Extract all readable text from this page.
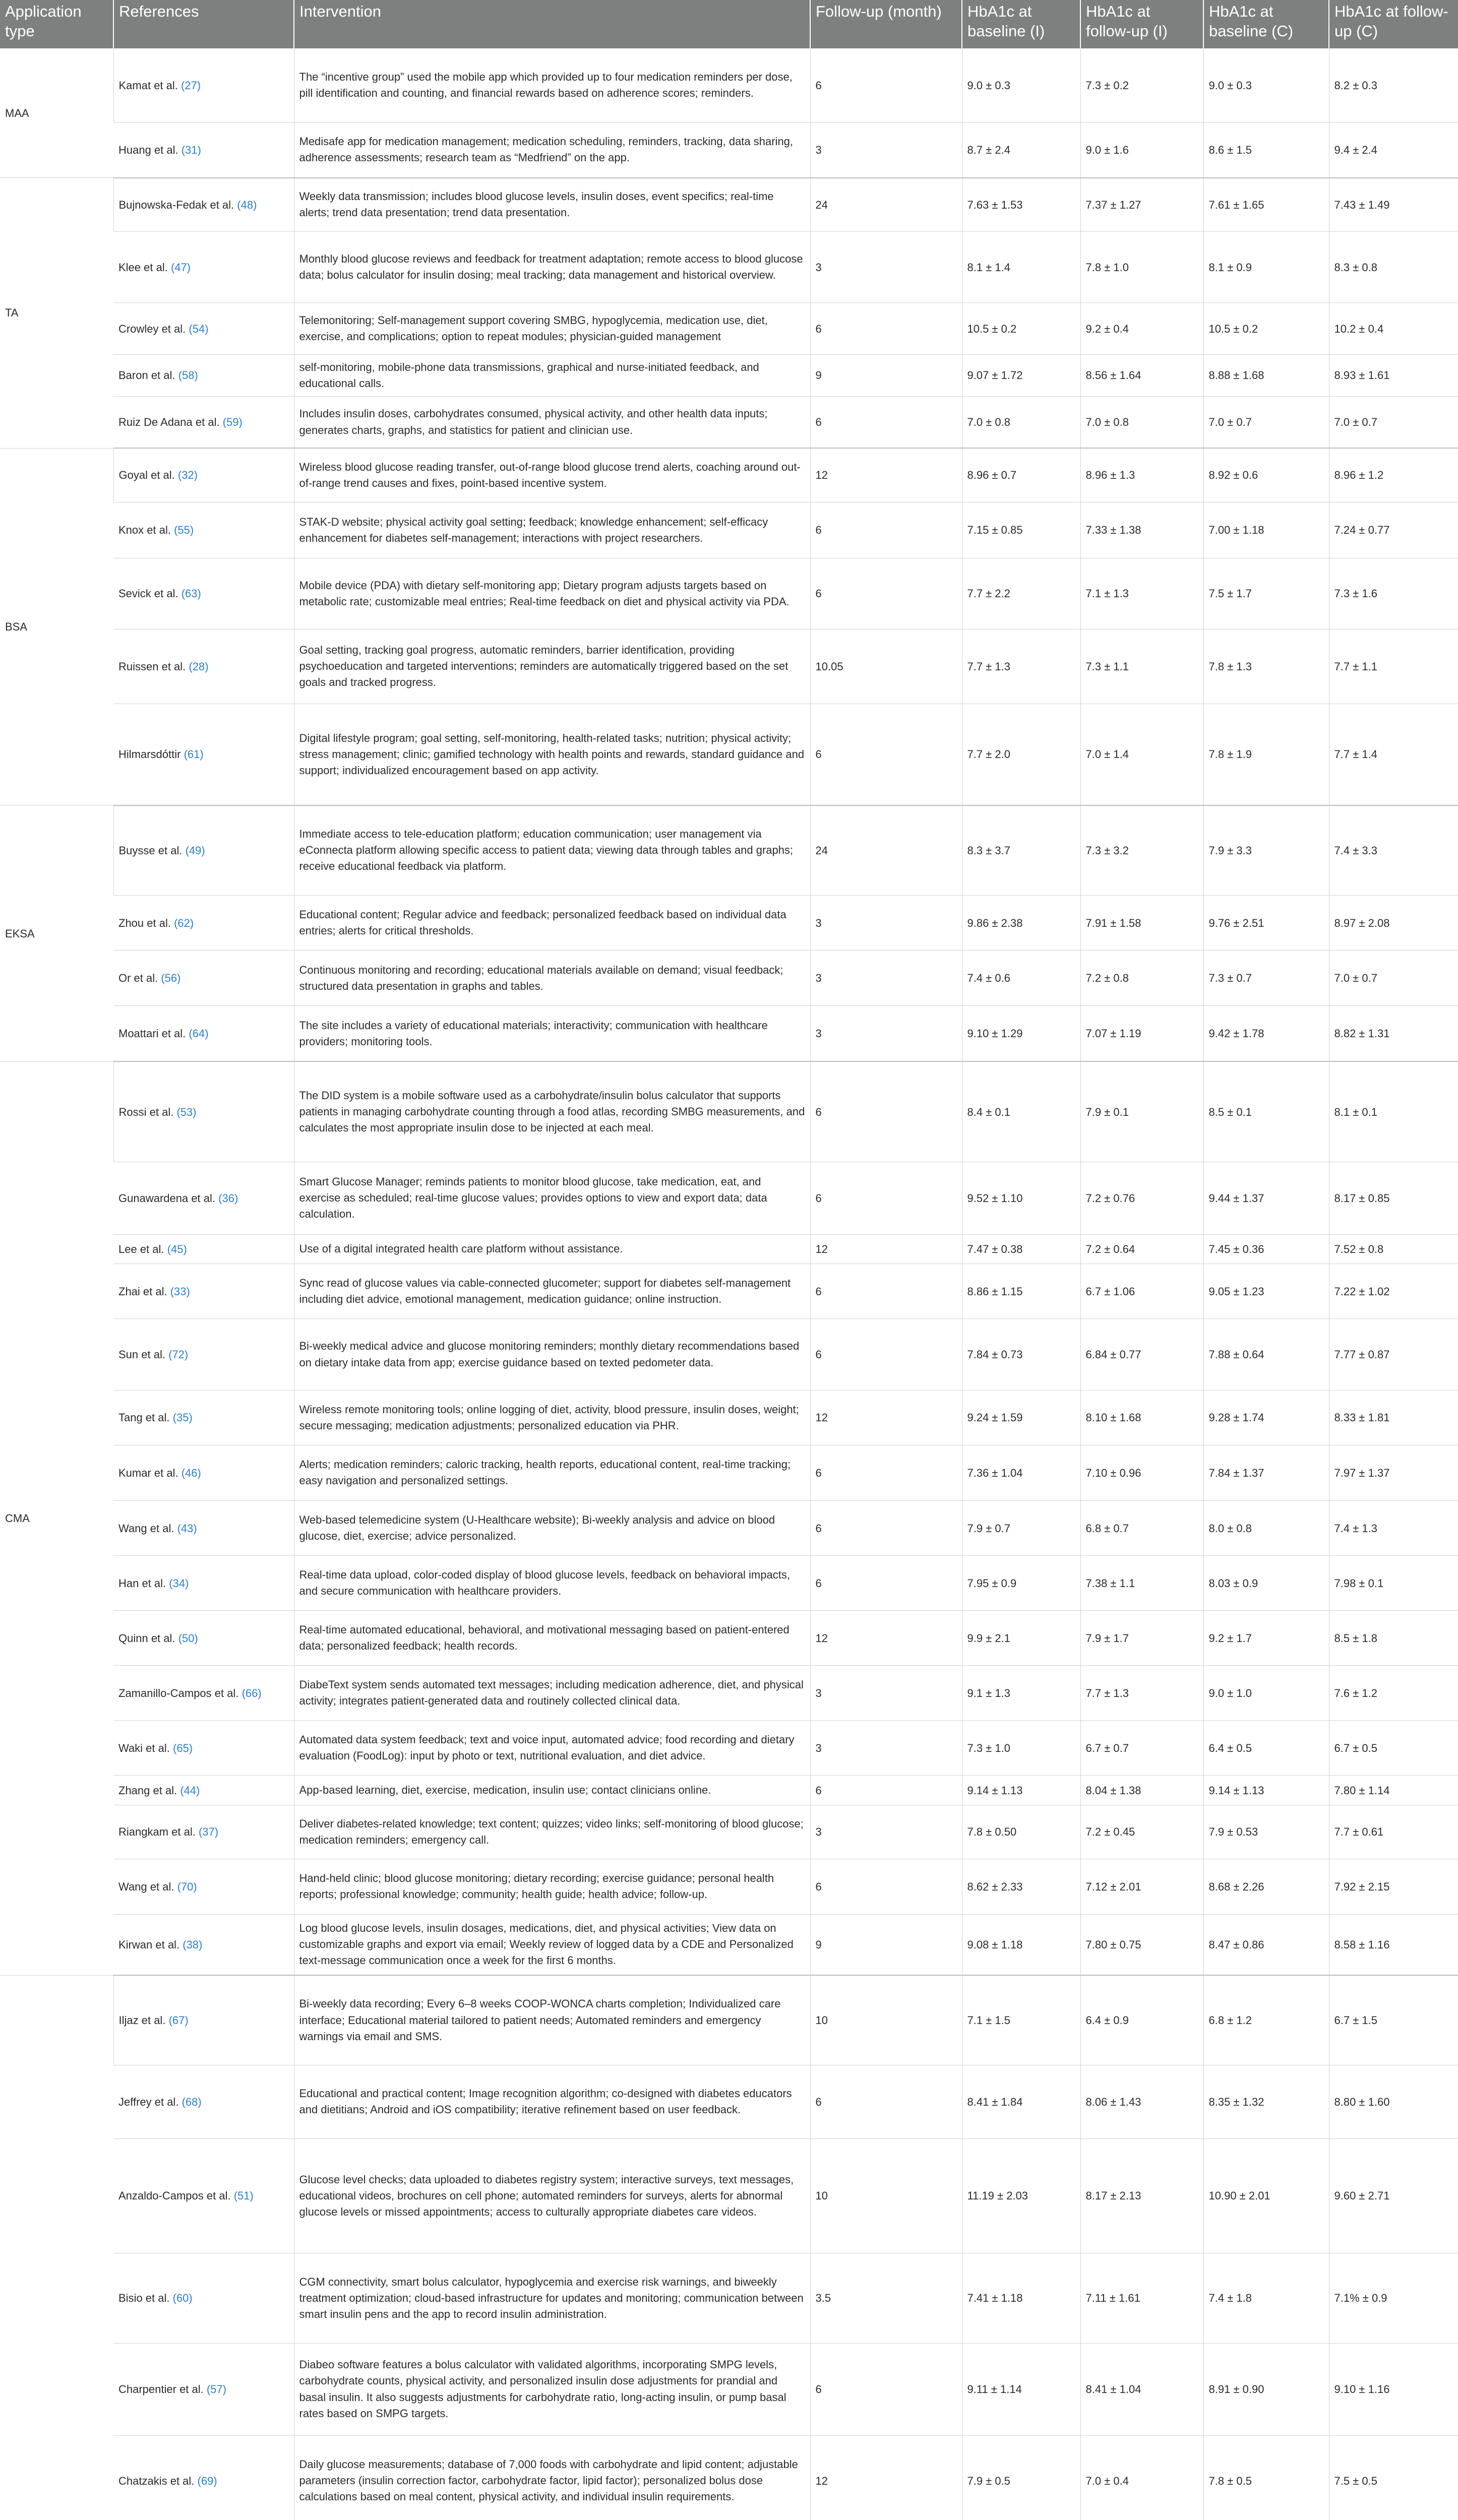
Application type	References	Intervention	Follow-up (month)	HbA1c at baseline (I)	HbA1c at follow-up (I)	HbA1c at baseline (C)	HbA1c at follow-up (C)
MAA	Kamat et al. (27)	The “incentive group” used the mobile app which provided up to four medication reminders per dose, pill identification and counting, and financial rewards based on adherence scores; reminders.	6	9.0 ± 0.3	7.3 ± 0.2	9.0 ± 0.3	8.2 ± 0.3
	Huang et al. (31)	Medisafe app for medication management; medication scheduling, reminders, tracking, data sharing, adherence assessments; research team as “Medfriend” on the app.	3	8.7 ± 2.4	9.0 ± 1.6	8.6 ± 1.5	9.4 ± 2.4
TA	Bujnowska-Fedak et al. (48)	Weekly data transmission; includes blood glucose levels, insulin doses, event specifics; real-time alerts; trend data presentation; trend data presentation.	24	7.63 ± 1.53	7.37 ± 1.27	7.61 ± 1.65	7.43 ± 1.49
	Klee et al. (47)	Monthly blood glucose reviews and feedback for treatment adaptation; remote access to blood glucose data; bolus calculator for insulin dosing; meal tracking; data management and historical overview.	3	8.1 ± 1.4	7.8 ± 1.0	8.1 ± 0.9	8.3 ± 0.8
	Crowley et al. (54)	Telemonitoring; Self-management support covering SMBG, hypoglycemia, medication use, diet, exercise, and complications; option to repeat modules; physician-guided management	6	10.5 ± 0.2	9.2 ± 0.4	10.5 ± 0.2	10.2 ± 0.4
	Baron et al. (58)	self-monitoring, mobile-phone data transmissions, graphical and nurse-initiated feedback, and educational calls.	9	9.07 ± 1.72	8.56 ± 1.64	8.88 ± 1.68	8.93 ± 1.61
	Ruiz De Adana et al. (59)	Includes insulin doses, carbohydrates consumed, physical activity, and other health data inputs; generates charts, graphs, and statistics for patient and clinician use.	6	7.0 ± 0.8	7.0 ± 0.8	7.0 ± 0.7	7.0 ± 0.7
BSA	Goyal et al. (32)	Wireless blood glucose reading transfer, out-of-range blood glucose trend alerts, coaching around out-of-range trend causes and fixes, point-based incentive system.	12	8.96 ± 0.7	8.96 ± 1.3	8.92 ± 0.6	8.96 ± 1.2
	Knox et al. (55)	STAK-D website; physical activity goal setting; feedback; knowledge enhancement; self-efficacy enhancement for diabetes self-management; interactions with project researchers.	6	7.15 ± 0.85	7.33 ± 1.38	7.00 ± 1.18	7.24 ± 0.77
	Sevick et al. (63)	Mobile device (PDA) with dietary self-monitoring app; Dietary program adjusts targets based on metabolic rate; customizable meal entries; Real-time feedback on diet and physical activity via PDA.	6	7.7 ± 2.2	7.1 ± 1.3	7.5 ± 1.7	7.3 ± 1.6
	Ruissen et al. (28)	Goal setting, tracking goal progress, automatic reminders, barrier identification, providing psychoeducation and targeted interventions; reminders are automatically triggered based on the set goals and tracked progress.	10.05	7.7 ± 1.3	7.3 ± 1.1	7.8 ± 1.3	7.7 ± 1.1
	Hilmarsdóttir (61)	Digital lifestyle program; goal setting, self-monitoring, health-related tasks; nutrition; physical activity; stress management; clinic; gamified technology with health points and rewards, standard guidance and support; individualized encouragement based on app activity.	6	7.7 ± 2.0	7.0 ± 1.4	7.8 ± 1.9	7.7 ± 1.4
EKSA	Buysse et al. (49)	Immediate access to tele-education platform; education communication; user management via eConnecta platform allowing specific access to patient data; viewing data through tables and graphs; receive educational feedback via platform.	24	8.3 ± 3.7	7.3 ± 3.2	7.9 ± 3.3	7.4 ± 3.3
	Zhou et al. (62)	Educational content; Regular advice and feedback; personalized feedback based on individual data entries; alerts for critical thresholds.	3	9.86 ± 2.38	7.91 ± 1.58	9.76 ± 2.51	8.97 ± 2.08
	Or et al. (56)	Continuous monitoring and recording; educational materials available on demand; visual feedback; structured data presentation in graphs and tables.	3	7.4 ± 0.6	7.2 ± 0.8	7.3 ± 0.7	7.0 ± 0.7
	Moattari et al. (64)	The site includes a variety of educational materials; interactivity; communication with healthcare providers; monitoring tools.	3	9.10 ± 1.29	7.07 ± 1.19	9.42 ± 1.78	8.82 ± 1.31
CMA	Rossi et al. (53)	The DID system is a mobile software used as a carbohydrate/insulin bolus calculator that supports patients in managing carbohydrate counting through a food atlas, recording SMBG measurements, and calculates the most appropriate insulin dose to be injected at each meal.	6	8.4 ± 0.1	7.9 ± 0.1	8.5 ± 0.1	8.1 ± 0.1
	Gunawardena et al. (36)	Smart Glucose Manager; reminds patients to monitor blood glucose, take medication, eat, and exercise as scheduled; real-time glucose values; provides options to view and export data; data calculation.	6	9.52 ± 1.10	7.2 ± 0.76	9.44 ± 1.37	8.17 ± 0.85
	Lee et al. (45)	Use of a digital integrated health care platform without assistance.	12	7.47 ± 0.38	7.2 ± 0.64	7.45 ± 0.36	7.52 ± 0.8
	Zhai et al. (33)	Sync read of glucose values via cable-connected glucometer; support for diabetes self-management including diet advice, emotional management, medication guidance; online instruction.	6	8.86 ± 1.15	6.7 ± 1.06	9.05 ± 1.23	7.22 ± 1.02
	Sun et al. (72)	Bi-weekly medical advice and glucose monitoring reminders; monthly dietary recommendations based on dietary intake data from app; exercise guidance based on texted pedometer data.	6	7.84 ± 0.73	6.84 ± 0.77	7.88 ± 0.64	7.77 ± 0.87
	Tang et al. (35)	Wireless remote monitoring tools; online logging of diet, activity, blood pressure, insulin doses, weight; secure messaging; medication adjustments; personalized education via PHR.	12	9.24 ± 1.59	8.10 ± 1.68	9.28 ± 1.74	8.33 ± 1.81
	Kumar et al. (46)	Alerts; medication reminders; caloric tracking, health reports, educational content, real-time tracking; easy navigation and personalized settings.	6	7.36 ± 1.04	7.10 ± 0.96	7.84 ± 1.37	7.97 ± 1.37
	Wang et al. (43)	Web-based telemedicine system (U-Healthcare website); Bi-weekly analysis and advice on blood glucose, diet, exercise; advice personalized.	6	7.9 ± 0.7	6.8 ± 0.7	8.0 ± 0.8	7.4 ± 1.3
	Han et al. (34)	Real-time data upload, color-coded display of blood glucose levels, feedback on behavioral impacts, and secure communication with healthcare providers.	6	7.95 ± 0.9	7.38 ± 1.1	8.03 ± 0.9	7.98 ± 0.1
	Quinn et al. (50)	Real-time automated educational, behavioral, and motivational messaging based on patient-entered data; personalized feedback; health records.	12	9.9 ± 2.1	7.9 ± 1.7	9.2 ± 1.7	8.5 ± 1.8
	Zamanillo-Campos et al. (66)	DiabeText system sends automated text messages; including medication adherence, diet, and physical activity; integrates patient-generated data and routinely collected clinical data.	3	9.1 ± 1.3	7.7 ± 1.3	9.0 ± 1.0	7.6 ± 1.2
	Waki et al. (65)	Automated data system feedback; text and voice input, automated advice; food recording and dietary evaluation (FoodLog): input by photo or text, nutritional evaluation, and diet advice.	3	7.3 ± 1.0	6.7 ± 0.7	6.4 ± 0.5	6.7 ± 0.5
	Zhang et al. (44)	App-based learning, diet, exercise, medication, insulin use; contact clinicians online.	6	9.14 ± 1.13	8.04 ± 1.38	9.14 ± 1.13	7.80 ± 1.14
	Riangkam et al. (37)	Deliver diabetes-related knowledge; text content; quizzes; video links; self-monitoring of blood glucose; medication reminders; emergency call.	3	7.8 ± 0.50	7.2 ± 0.45	7.9 ± 0.53	7.7 ± 0.61
	Wang et al. (70)	Hand-held clinic; blood glucose monitoring; dietary recording; exercise guidance; personal health reports; professional knowledge; community; health guide; health advice; follow-up.	6	8.62 ± 2.33	7.12 ± 2.01	8.68 ± 2.26	7.92 ± 2.15
	Kirwan et al. (38)	Log blood glucose levels, insulin dosages, medications, diet, and physical activities; View data on customizable graphs and export via email; Weekly review of logged data by a CDE and Personalized text-message communication once a week for the first 6 months.	9	9.08 ± 1.18	7.80 ± 0.75	8.47 ± 0.86	8.58 ± 1.16
	Iljaz et al. (67)	Bi-weekly data recording; Every 6–8 weeks COOP-WONCA charts completion; Individualized care interface; Educational material tailored to patient needs; Automated reminders and emergency warnings via email and SMS.	10	7.1 ± 1.5	6.4 ± 0.9	6.8 ± 1.2	6.7 ± 1.5
	Jeffrey et al. (68)	Educational and practical content; Image recognition algorithm; co-designed with diabetes educators and dietitians; Android and iOS compatibility; iterative refinement based on user feedback.	6	8.41 ± 1.84	8.06 ± 1.43	8.35 ± 1.32	8.80 ± 1.60
	Anzaldo-Campos et al. (51)	Glucose level checks; data uploaded to diabetes registry system; interactive surveys, text messages, educational videos, brochures on cell phone; automated reminders for surveys, alerts for abnormal glucose levels or missed appointments; access to culturally appropriate diabetes care videos.	10	11.19 ± 2.03	8.17 ± 2.13	10.90 ± 2.01	9.60 ± 2.71
	Bisio et al. (60)	CGM connectivity, smart bolus calculator, hypoglycemia and exercise risk warnings, and biweekly treatment optimization; cloud-based infrastructure for updates and monitoring; communication between smart insulin pens and the app to record insulin administration.	3.5	7.41 ± 1.18	7.11 ± 1.61	7.4 ± 1.8	7.1% ± 0.9
	Charpentier et al. (57)	Diabeo software features a bolus calculator with validated algorithms, incorporating SMPG levels, carbohydrate counts, physical activity, and personalized insulin dose adjustments for prandial and basal insulin. It also suggests adjustments for carbohydrate ratio, long-acting insulin, or pump basal rates based on SMPG targets.	6	9.11 ± 1.14	8.41 ± 1.04	8.91 ± 0.90	9.10 ± 1.16
	Chatzakis et al. (69)	Daily glucose measurements; database of 7,000 foods with carbohydrate and lipid content; adjustable parameters (insulin correction factor, carbohydrate factor, lipid factor); personalized bolus dose calculations based on meal content, physical activity, and individual insulin requirements.	12	7.9 ± 0.5	7.0 ± 0.4	7.8 ± 0.5	7.5 ± 0.5
